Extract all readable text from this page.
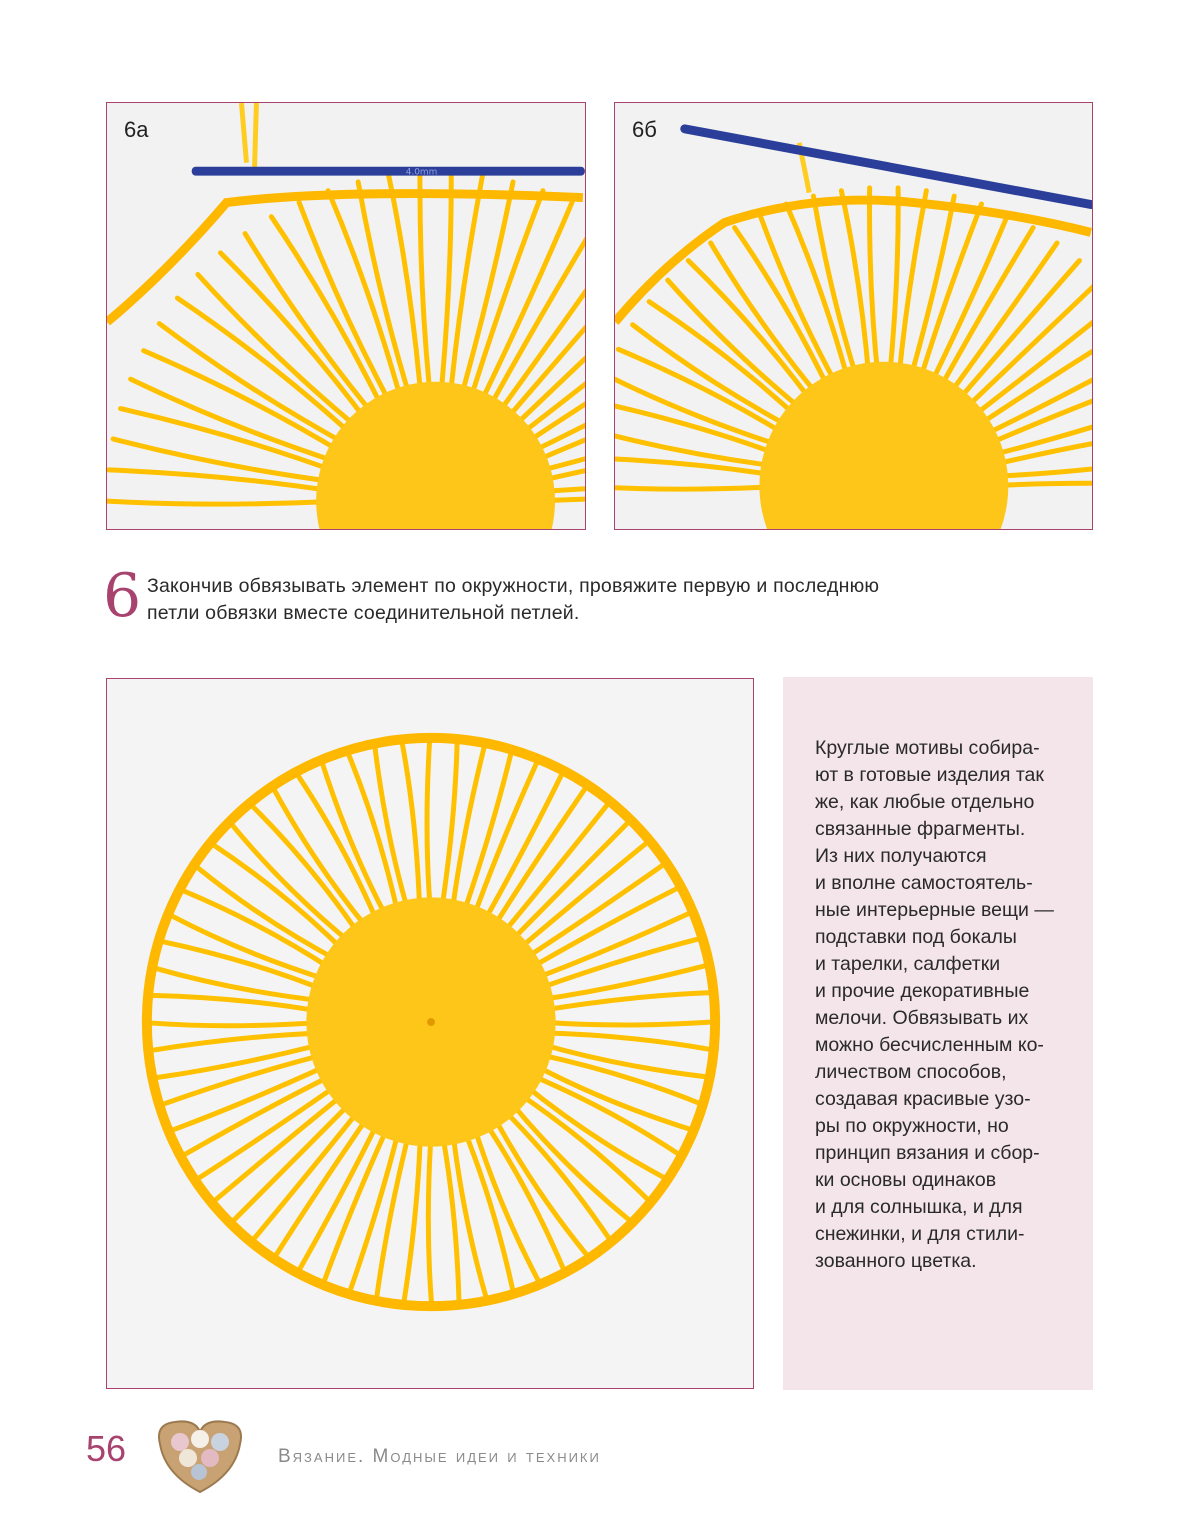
4.0mm
6а	6б
6 Закончив обвязывать элемент по окружности, провяжите первую и последнюю
петли обвязки вместе соединительной петлей.
Круглые мотивы собира-
ют в готовые изделия так
же, как любые отдельно
связанные фрагменты.
Из них получаются
и вполне самостоятель-
ные интерьерные вещи —
подставки под бокалы
и тарелки, салфетки
и прочие декоративные
мелочи. Обвязывать их
можно бесчисленным ко-
личеством способов,
создавая красивые узо-
ры по окружности, но
принцип вязания и сбор-
ки основы одинаков
и для солнышка, и для
снежинки, и для стили-
зованного цветка.
56	Вязание. Модные идеи и техники
